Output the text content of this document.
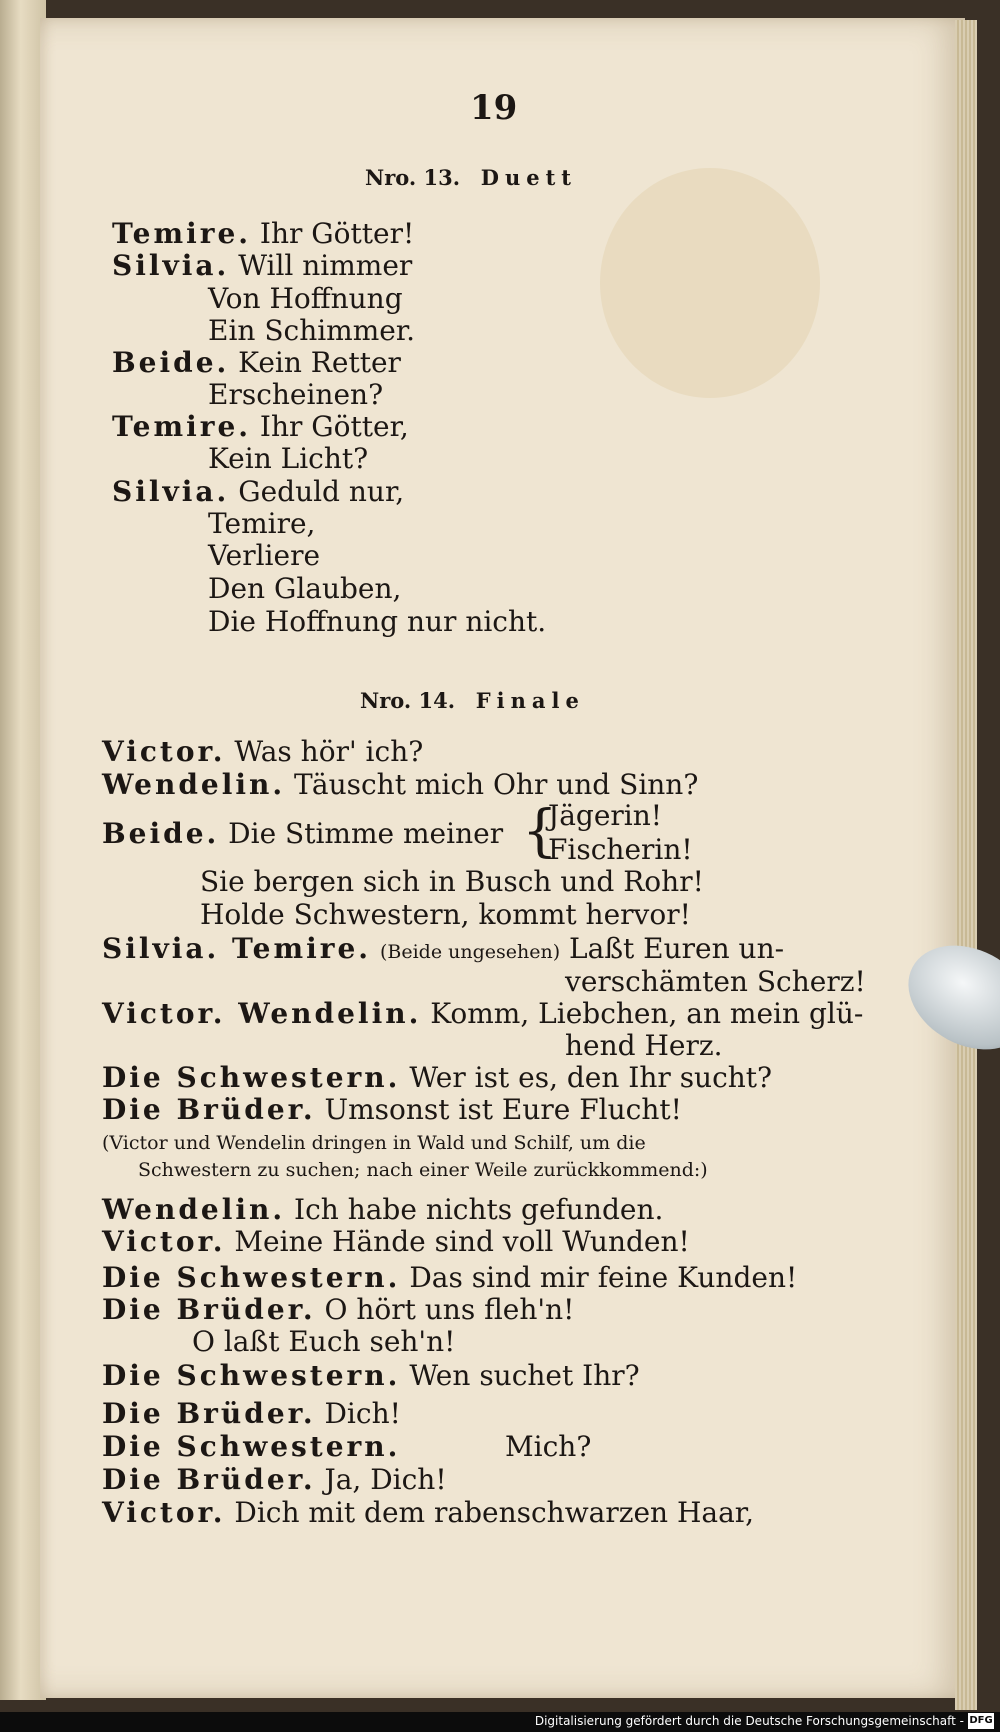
19
Nro. 13. Duett
Temire. Ihr Götter!
Silvia. Will nimmer
Von Hoffnung
Ein Schimmer.
Beide. Kein Retter
Erscheinen?
Temire. Ihr Götter,
Kein Licht?
Silvia. Geduld nur,
Temire,
Verliere
Den Glauben,
Die Hoffnung nur nicht.
Nro. 14. Finale
Victor. Was hör' ich?
Wendelin. Täuscht mich Ohr und Sinn?
Beide. Die Stimme meiner {
Jägerin!
Fischerin!
Sie bergen sich in Busch und Rohr!
Holde Schwestern, kommt hervor!
Silvia. Temire. (Beide ungesehen) Laßt Euren un-
verschämten Scherz!
Victor. Wendelin. Komm, Liebchen, an mein glü-
hend Herz.
Die Schwestern. Wer ist es, den Ihr sucht?
Die Brüder. Umsonst ist Eure Flucht!
(Victor und Wendelin dringen in Wald und Schilf, um die
Schwestern zu suchen; nach einer Weile zurückkommend:)
Wendelin. Ich habe nichts gefunden.
Victor. Meine Hände sind voll Wunden!
Die Schwestern. Das sind mir feine Kunden!
Die Brüder. O hört uns fleh'n!
O laßt Euch seh'n!
Die Schwestern. Wen suchet Ihr?
Die Brüder. Dich!
Die Schwestern.	Mich?
Die Brüder. Ja, Dich!
Victor. Dich mit dem rabenschwarzen Haar,
Digitalisierung gefördert durch die Deutsche Forschungsgemeinschaft - DFG
